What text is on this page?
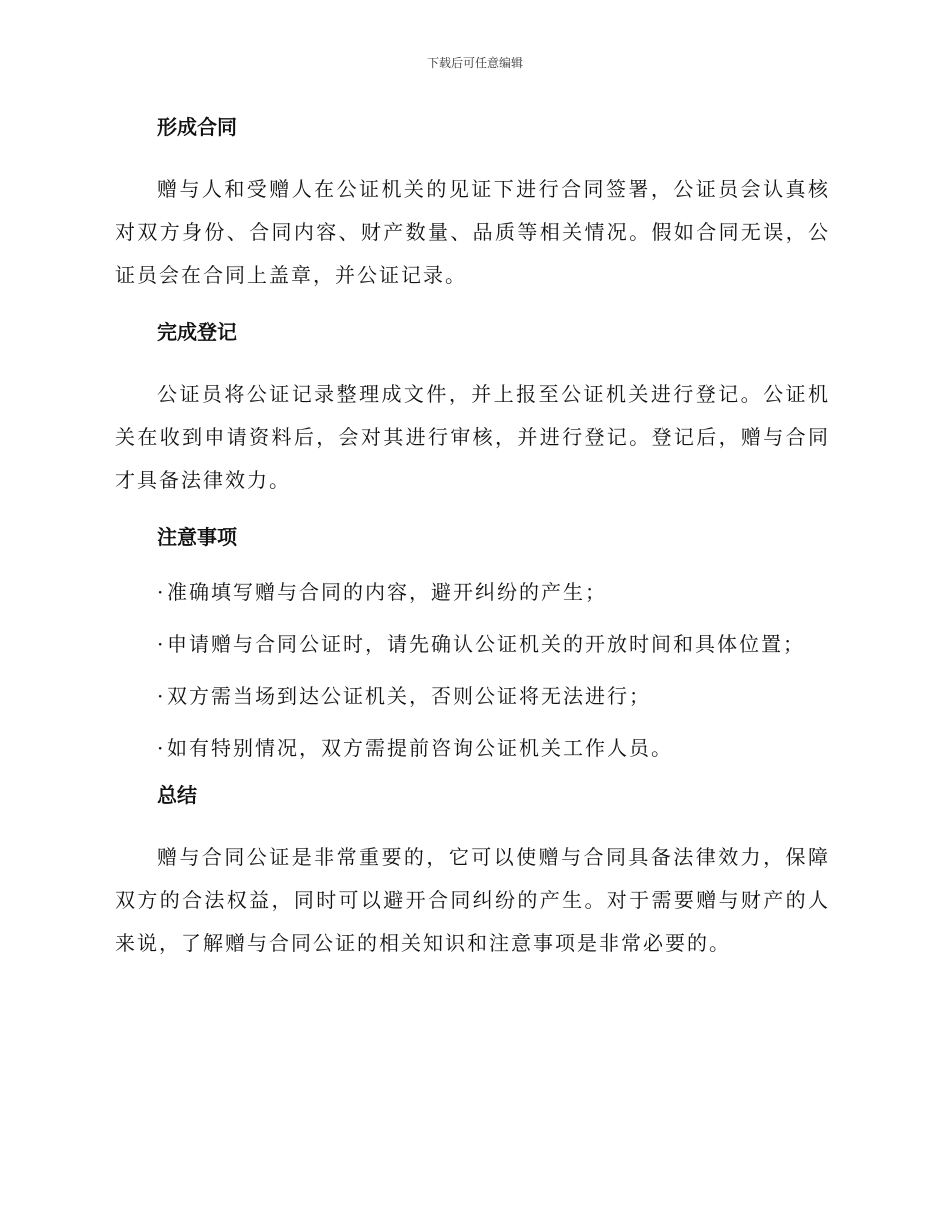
下载后可任意编辑
形成合同

赠与人和受赠人在公证机关的见证下进行合同签署，公证员会认真核对双方身份、合同内容、财产数量、品质等相关情况。假如合同无误，公证员会在合同上盖章，并公证记录。

完成登记

公证员将公证记录整理成文件，并上报至公证机关进行登记。公证机关在收到申请资料后，会对其进行审核，并进行登记。登记后，赠与合同才具备法律效力。

注意事项
·准确填写赠与合同的内容，避开纠纷的产生；
·申请赠与合同公证时，请先确认公证机关的开放时间和具体位置；
·双方需当场到达公证机关，否则公证将无法进行；
·如有特别情况，双方需提前咨询公证机关工作人员。
总结

赠与合同公证是非常重要的，它可以使赠与合同具备法律效力，保障双方的合法权益，同时可以避开合同纠纷的产生。对于需要赠与财产的人来说，了解赠与合同公证的相关知识和注意事项是非常必要的。
